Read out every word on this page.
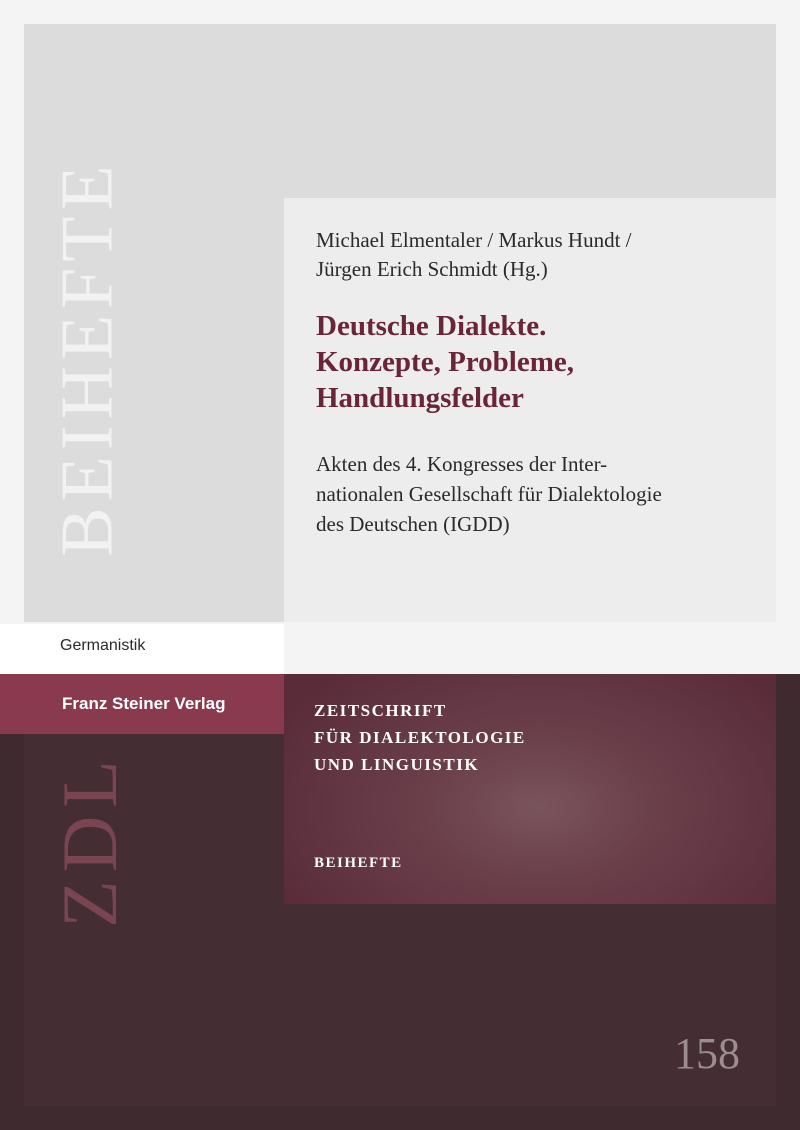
BEIHEFTE	Michael Elmentaler / Markus Hundt /
Jürgen Erich Schmidt (Hg.)
Deutsche Dialekte.
Konzepte, Probleme,
Handlungsfelder
Akten des 4. Kongresses der Inter-
nationalen Gesellschaft für Dialektologie
des Deutschen (IGDD)
Germanistik
Franz Steiner Verlag	ZEITSCHRIFT
FÜR DIALEKTOLOGIE
UND LINGUISTIK
BEIHEFTE
ZDL
158
